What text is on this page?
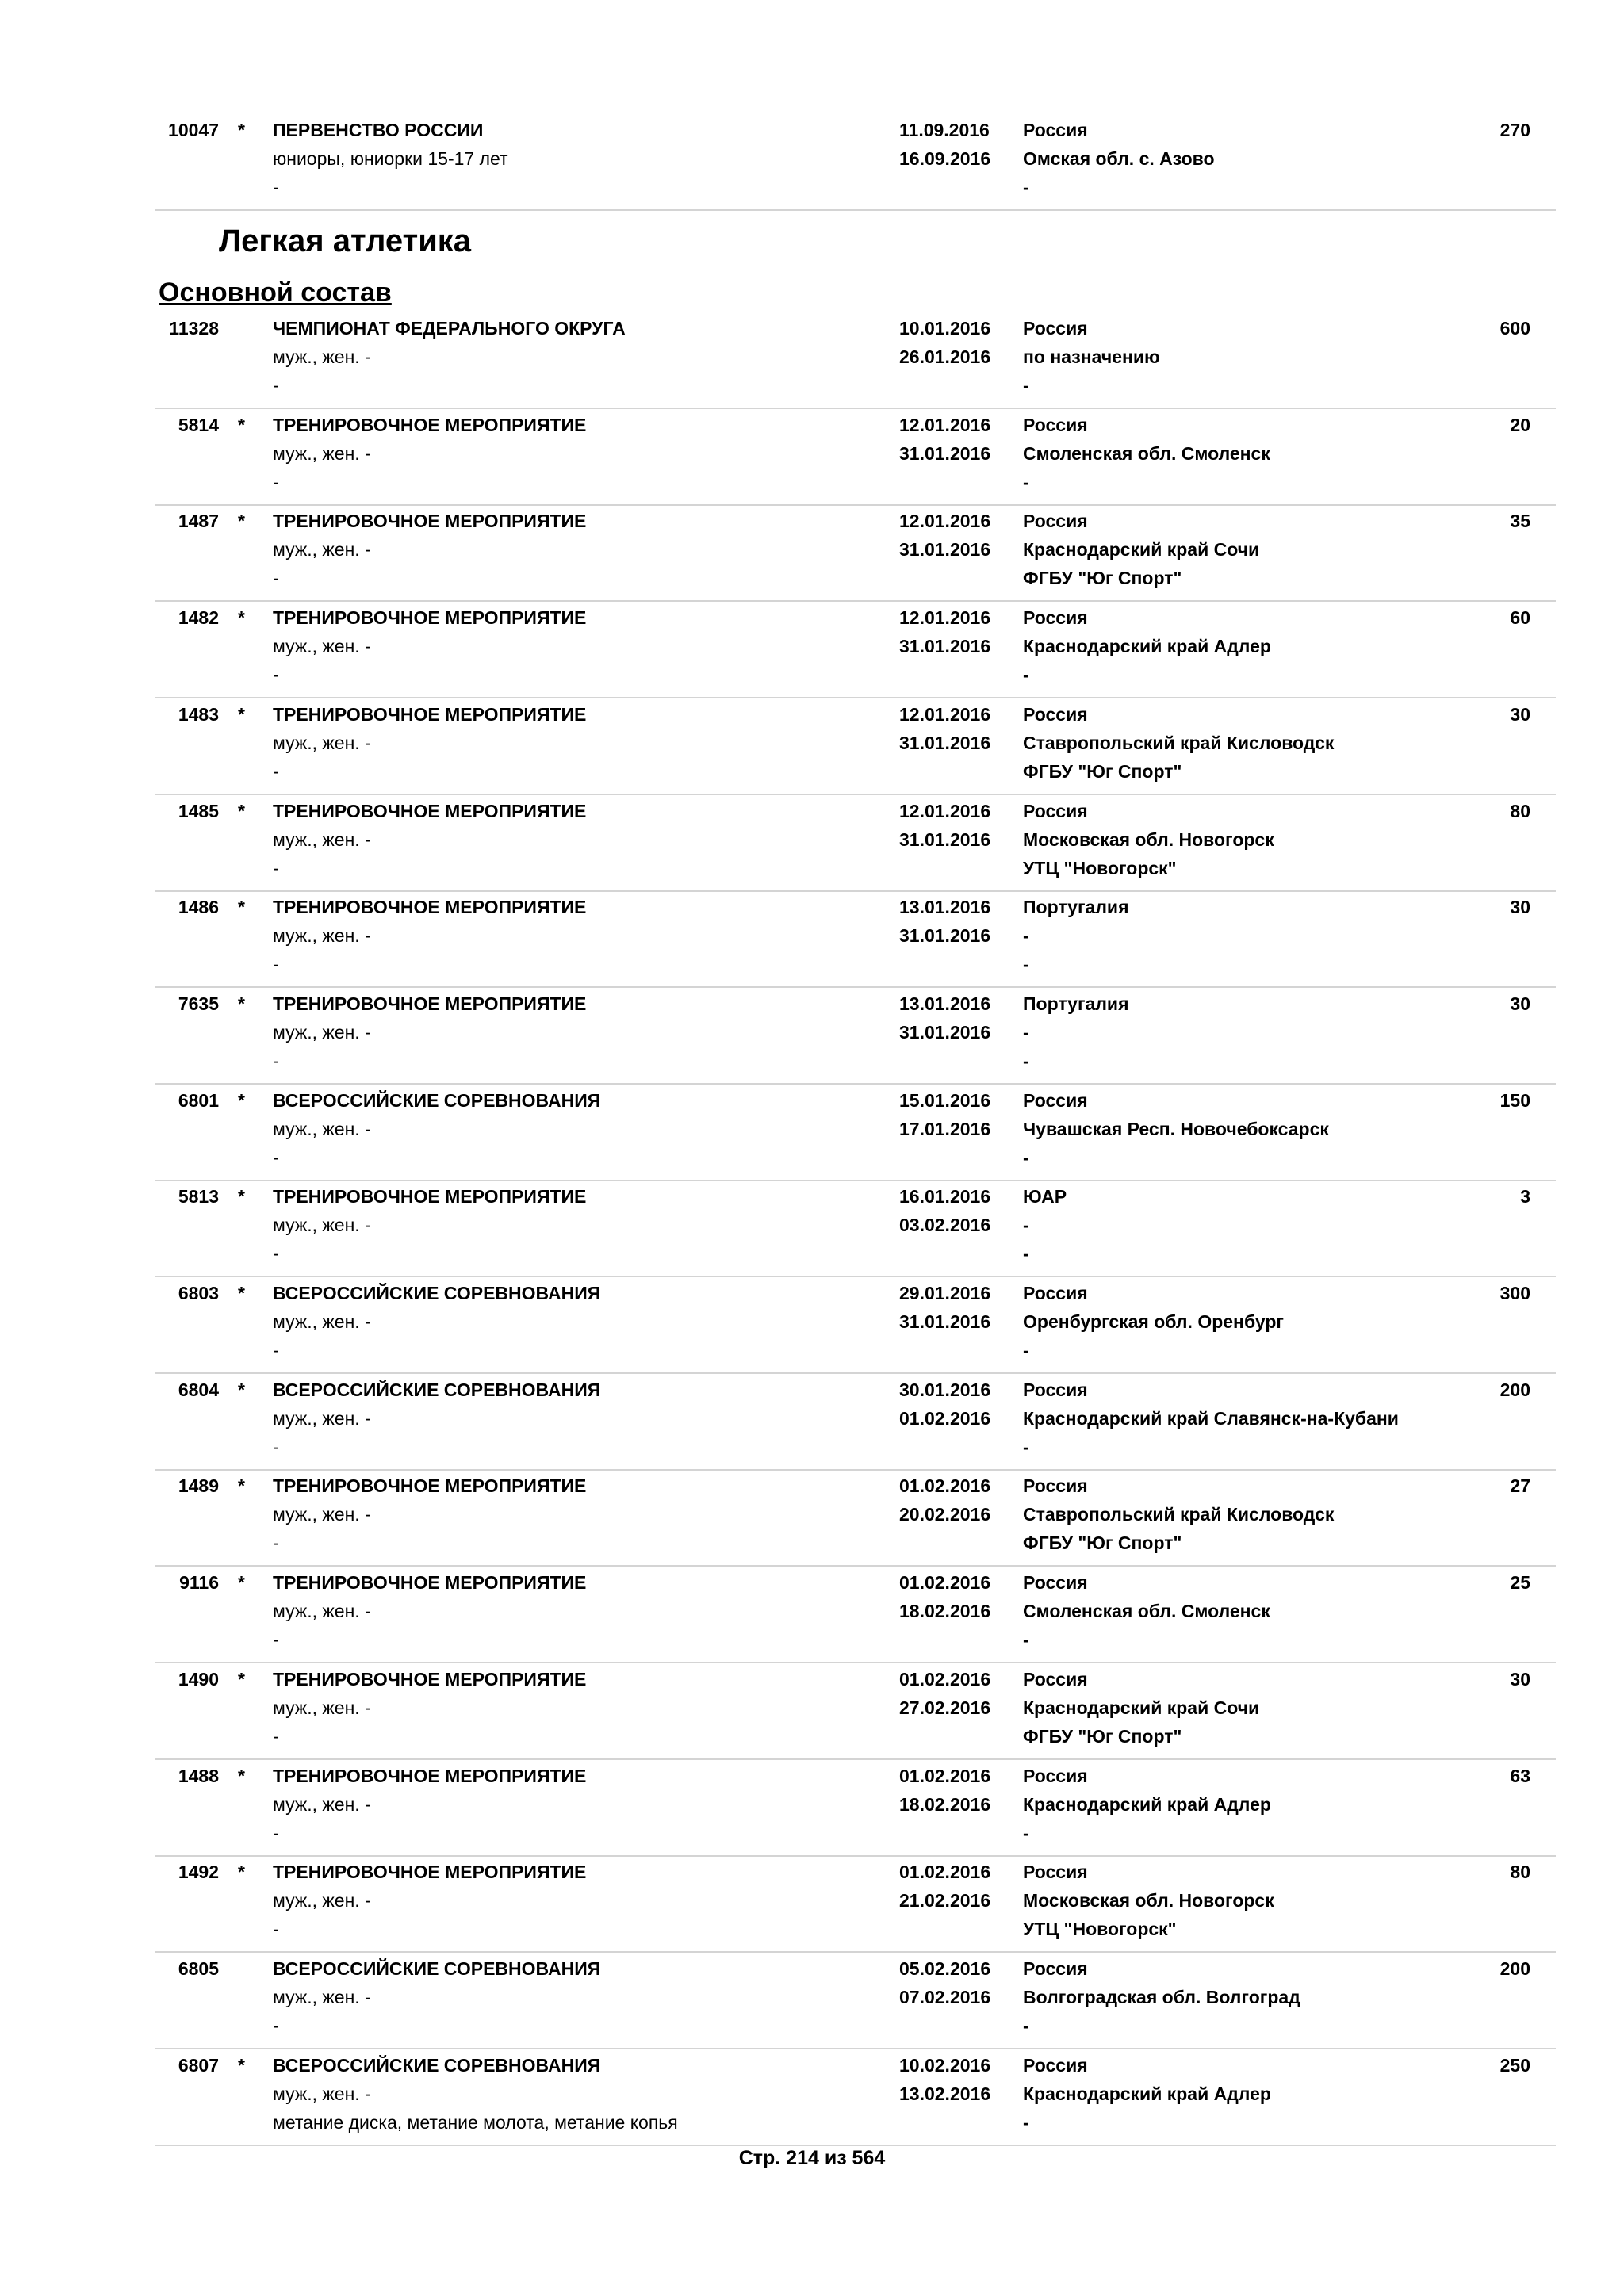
Легкая атлетика
Основной состав
Стр. 214 из 564
10047 * ПЕРВЕНСТВО РОССИИ
юниоры, юниорки 15-17 лет
-
11.09.2016
16.09.2016
Россия
Омская обл. с. Азово
-
270
11328	ЧЕМПИОНАТ ФЕДЕРАЛЬНОГО ОКРУГА
муж., жен. -
-
10.01.2016
26.01.2016
Россия
по назначению
-
600
5814 * ТРЕНИРОВОЧНОЕ МЕРОПРИЯТИЕ
муж., жен. -
-
12.01.2016
31.01.2016
Россия
Смоленская обл. Смоленск
-
20
1487 * ТРЕНИРОВОЧНОЕ МЕРОПРИЯТИЕ
муж., жен. -
-
12.01.2016
31.01.2016
Россия
Краснодарский край Сочи
ФГБУ "Юг Спорт"
35
1482 * ТРЕНИРОВОЧНОЕ МЕРОПРИЯТИЕ
муж., жен. -
-
12.01.2016
31.01.2016
Россия
Краснодарский край Адлер
-
60
1483 * ТРЕНИРОВОЧНОЕ МЕРОПРИЯТИЕ
муж., жен. -
-
12.01.2016
31.01.2016
Россия
Ставропольский край Кисловодск
ФГБУ "Юг Спорт"
30
1485 * ТРЕНИРОВОЧНОЕ МЕРОПРИЯТИЕ
муж., жен. -
-
12.01.2016
31.01.2016
Россия
Московская обл. Новогорск
УТЦ "Новогорск"
80
1486 * ТРЕНИРОВОЧНОЕ МЕРОПРИЯТИЕ
муж., жен. -
-
13.01.2016
31.01.2016
Португалия
-
-
30
7635 * ТРЕНИРОВОЧНОЕ МЕРОПРИЯТИЕ
муж., жен. -
-
13.01.2016
31.01.2016
Португалия
-
-
30
6801 * ВСЕРОССИЙСКИЕ СОРЕВНОВАНИЯ
муж., жен. -
-
15.01.2016
17.01.2016
Россия
Чувашская Респ. Новочебоксарск
-
150
5813 * ТРЕНИРОВОЧНОЕ МЕРОПРИЯТИЕ
муж., жен. -
-
16.01.2016
03.02.2016
ЮАР
-
-
3
6803 * ВСЕРОССИЙСКИЕ СОРЕВНОВАНИЯ
муж., жен. -
-
29.01.2016
31.01.2016
Россия
Оренбургская обл. Оренбург
-
300
6804 * ВСЕРОССИЙСКИЕ СОРЕВНОВАНИЯ
муж., жен. -
-
30.01.2016
01.02.2016
Россия
Краснодарский край Славянск-на-Кубани
-
200
1489 * ТРЕНИРОВОЧНОЕ МЕРОПРИЯТИЕ
муж., жен. -
-
01.02.2016
20.02.2016
Россия
Ставропольский край Кисловодск
ФГБУ "Юг Спорт"
27
9116 * ТРЕНИРОВОЧНОЕ МЕРОПРИЯТИЕ
муж., жен. -
-
01.02.2016
18.02.2016
Россия
Смоленская обл. Смоленск
-
25
1490 * ТРЕНИРОВОЧНОЕ МЕРОПРИЯТИЕ
муж., жен. -
-
01.02.2016
27.02.2016
Россия
Краснодарский край Сочи
ФГБУ "Юг Спорт"
30
1488 * ТРЕНИРОВОЧНОЕ МЕРОПРИЯТИЕ
муж., жен. -
-
01.02.2016
18.02.2016
Россия
Краснодарский край Адлер
-
63
1492 * ТРЕНИРОВОЧНОЕ МЕРОПРИЯТИЕ
муж., жен. -
-
01.02.2016
21.02.2016
Россия
Московская обл. Новогорск
УТЦ "Новогорск"
80
6805	ВСЕРОССИЙСКИЕ СОРЕВНОВАНИЯ
муж., жен. -
-
05.02.2016
07.02.2016
Россия
Волгоградская обл. Волгоград
-
200
6807 * ВСЕРОССИЙСКИЕ СОРЕВНОВАНИЯ
муж., жен. -
метание диска, метание молота, метание копья
10.02.2016
13.02.2016
Россия
Краснодарский край Адлер
-
250
